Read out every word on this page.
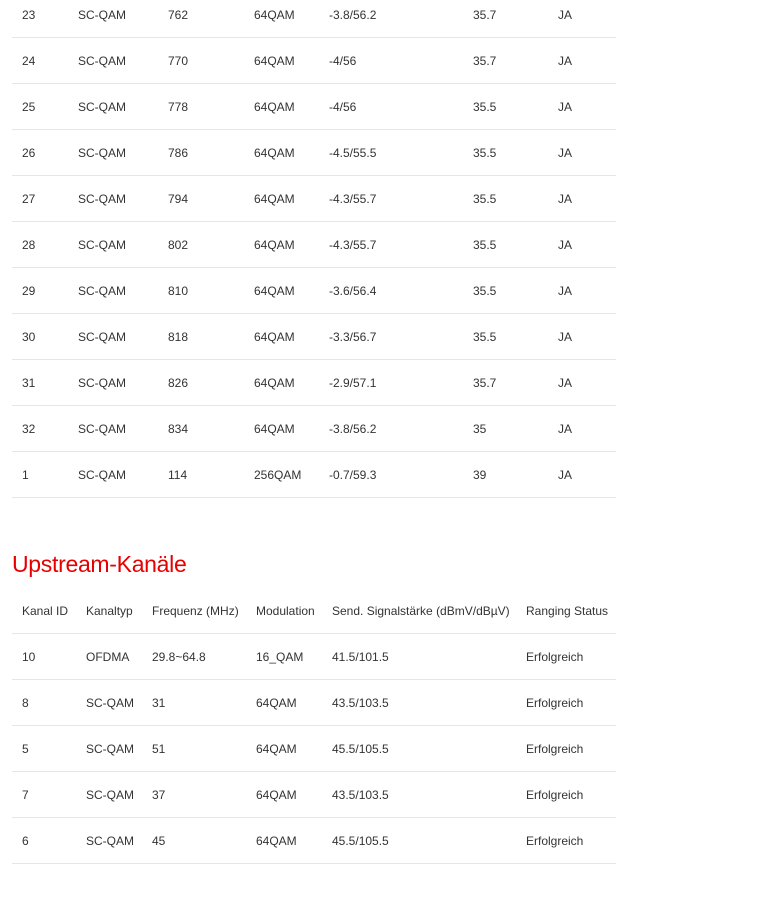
23	SC-QAM	762	64QAM	-3.8/56.2	35.7	JA
24	SC-QAM	770	64QAM	-4/56	35.7	JA
25	SC-QAM	778	64QAM	-4/56	35.5	JA
26	SC-QAM	786	64QAM	-4.5/55.5	35.5	JA
27	SC-QAM	794	64QAM	-4.3/55.7	35.5	JA
28	SC-QAM	802	64QAM	-4.3/55.7	35.5	JA
29	SC-QAM	810	64QAM	-3.6/56.4	35.5	JA
30	SC-QAM	818	64QAM	-3.3/56.7	35.5	JA
31	SC-QAM	826	64QAM	-2.9/57.1	35.7	JA
32	SC-QAM	834	64QAM	-3.8/56.2	35	JA
1	SC-QAM	114	256QAM	-0.7/59.3	39	JA
Upstream-Kanäle
Kanal ID	Kanaltyp	Frequenz (MHz)	Modulation	Send. Signalstärke (dBmV/dBµV)	Ranging Status
10	OFDMA	29.8~64.8	16_QAM	41.5/101.5	Erfolgreich
8	SC-QAM	31	64QAM	43.5/103.5	Erfolgreich
5	SC-QAM	51	64QAM	45.5/105.5	Erfolgreich
7	SC-QAM	37	64QAM	43.5/103.5	Erfolgreich
6	SC-QAM	45	64QAM	45.5/105.5	Erfolgreich
